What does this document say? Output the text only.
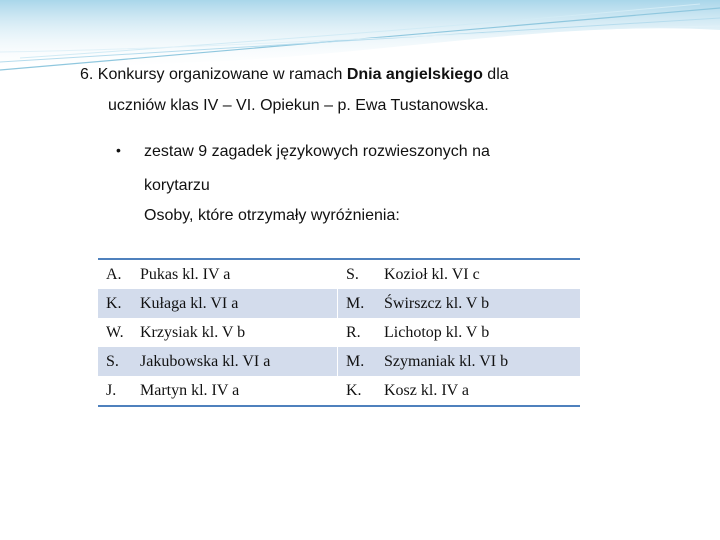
6. Konkursy organizowane w ramach Dnia angielskiego dla
uczniów klas IV – VI. Opiekun – p. Ewa Tustanowska.
• zestaw 9 zagadek językowych rozwieszonych na
korytarzu
Osoby, które otrzymały wyróżnienia:
A.	Pukas kl. IV a	S.	Kozioł kl. VI c
K.	Kułaga kl. VI a	M.	Świrszcz kl. V b
W.	Krzysiak kl. V b	R.	Lichotop kl. V b
S.	Jakubowska kl. VI a	M.	Szymaniak kl. VI b
J.	Martyn kl. IV a	K.	Kosz kl. IV a
